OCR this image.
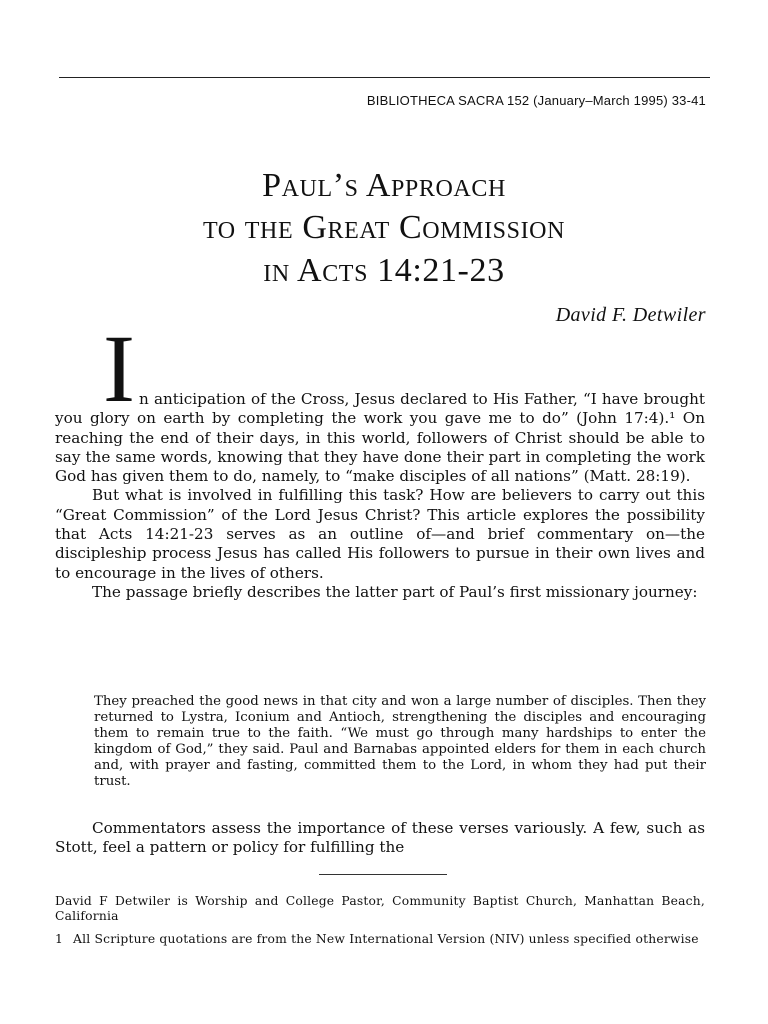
BIBLIOTHECA SACRA 152 (January–March 1995) 33-41
Paul’s Approach
to the Great Commission
in Acts 14:21-23
David F. Detwiler
I n anticipation of the Cross, Jesus declared to His Father, “I have brought you glory on earth by completing the work you gave me to do” (John 17:4).¹ On reaching the end of their days, in this world, followers of Christ should be able to say the same words, knowing that they have done their part in completing the work God has given them to do, namely, to “make disciples of all nations” (Matt. 28:19).

But what is involved in fulfilling this task? How are believers to carry out this “Great Commission” of the Lord Jesus Christ? This article explores the possibility that Acts 14:21-23 serves as an outline of—and brief commentary on—the discipleship process Jesus has called His followers to pursue in their own lives and to encourage in the lives of others.

The passage briefly describes the latter part of Paul’s first missionary journey:

They preached the good news in that city and won a large number of disciples. Then they returned to Lystra, Iconium and Antioch, strengthening the disciples and encouraging them to remain true to the faith. “We must go through many hardships to enter the kingdom of God,” they said. Paul and Barnabas appointed elders for them in each church and, with prayer and fasting, committed them to the Lord, in whom they had put their trust.

Commentators assess the importance of these verses variously. A few, such as Stott, feel a pattern or policy for fulfilling the

David F Detwiler is Worship and College Pastor, Community Baptist Church, Manhattan Beach, California

1 All Scripture quotations are from the New International Version (NIV) unless specified otherwise
